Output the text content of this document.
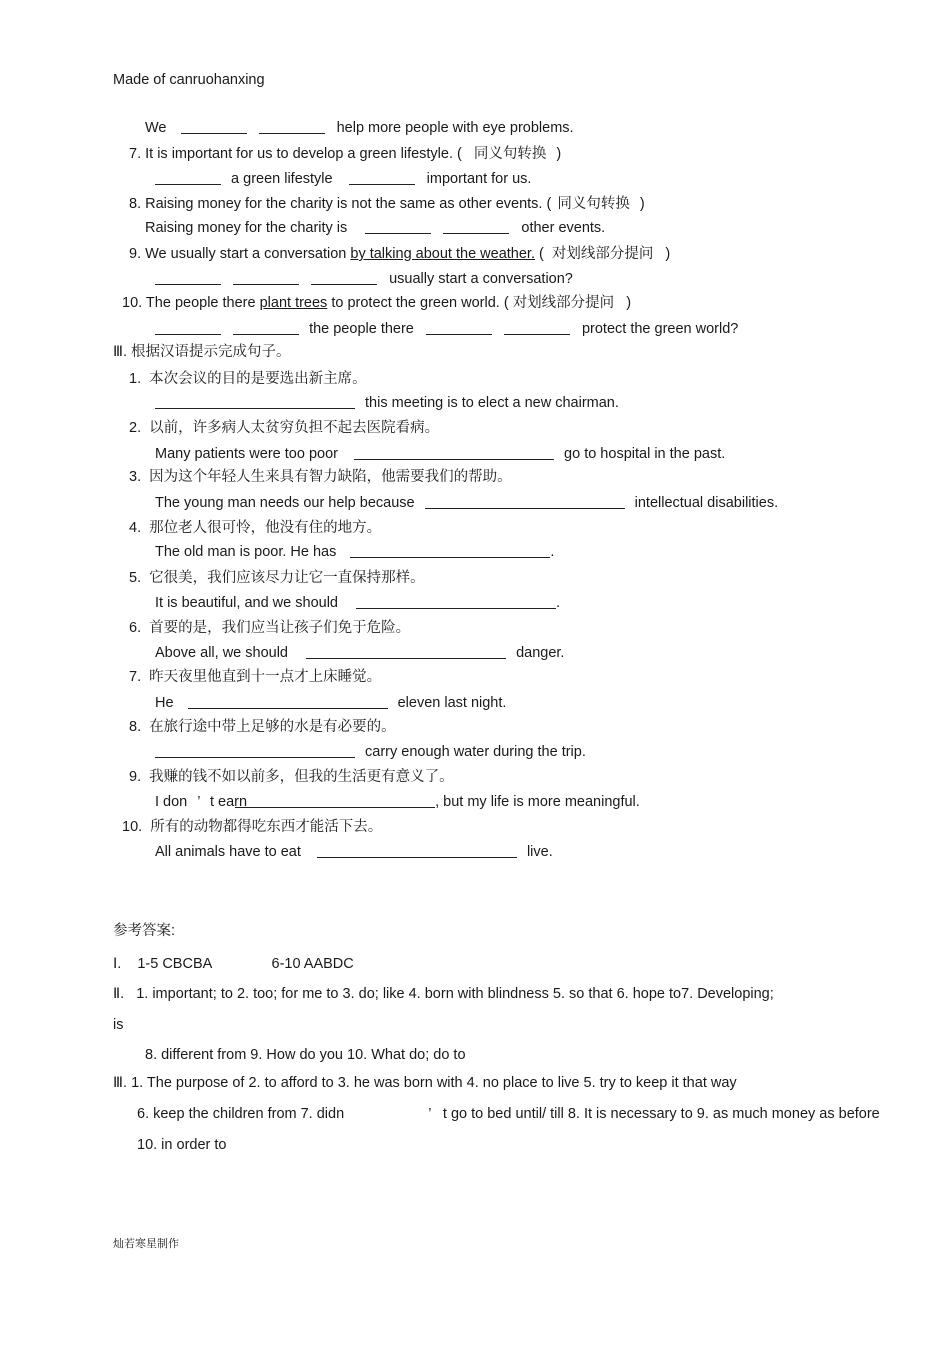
Made of canruohanxing
We	help more people with eye problems.
7. It is important for us to develop a green lifestyle. ( 同义句转换 )
a green lifestyle	important for us.
8. Raising money for the charity is not the same as other events. ( 同义句转换 )
Raising money for the charity is	other events.
9. We usually start a conversation by talking about the weather. ( 对划线部分提问 )
usually start a conversation?
10. The people there plant trees to protect the green world. ( 对划线部分提问 )
the people there	protect the green world?
Ⅲ. 根据汉语提示完成句子。
1. 本次会议的目的是要选出新主席。
this meeting is to elect a new chairman.
2. 以前，许多病人太贫穷负担不起去医院看病。
Many patients were too poor	go to hospital in the past.
3. 因为这个年轻人生来具有智力缺陷，他需要我们的帮助。
The young man needs our help because	intellectual disabilities.
4. 那位老人很可怜，他没有住的地方。
The old man is poor. He has	.
5. 它很美，我们应该尽力让它一直保持那样。
It is beautiful, and we should	.
6. 首要的是，我们应当让孩子们免于危险。
Above all, we should	danger.
7. 昨天夜里他直到十一点才上床睡觉。
He	eleven last night.
8. 在旅行途中带上足够的水是有必要的。
carry enough water during the trip.
9. 我赚的钱不如以前多，但我的生活更有意义了。
I don ’ t earn	, but my life is more meaningful.
10. 所有的动物都得吃东西才能活下去。
All animals have to eat	live.
参考答案:
Ⅰ. 1-5 CBCBA	6-10 AABDC
Ⅱ. 1. important; to 2. too; for me to 3. do; like 4. born with blindness 5. so that 6. hope to7. Developing;
is
8. different from 9. How do you 10. What do; do to
Ⅲ. 1. The purpose of 2. to afford to 3. he was born with 4. no place to live 5. try to keep it that way
6. keep the children from 7. didn	’ t go to bed until/ till 8. It is necessary to 9. as much money as before
10. in order to
灿若寒星制作
